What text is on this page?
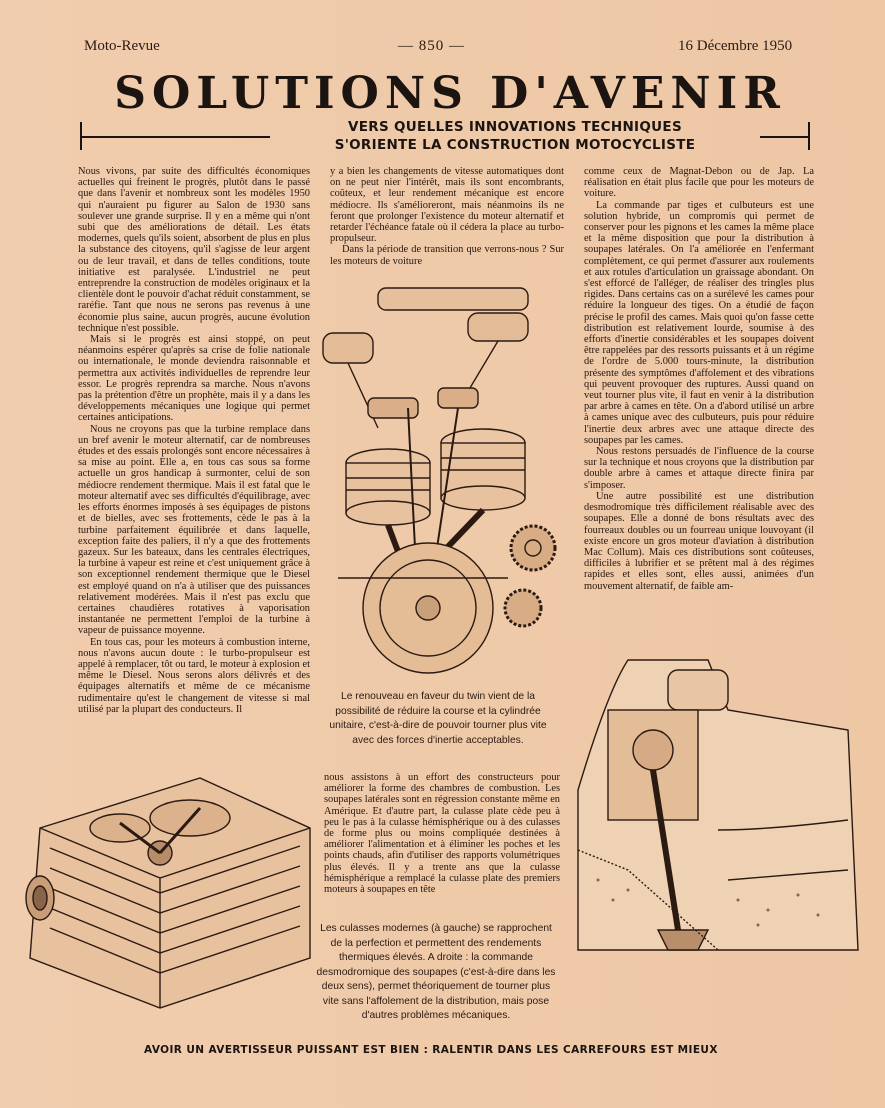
Moto-Revue	— 850 —	16 Décembre 1950
SOLUTIONS D'AVENIR
VERS QUELLES INNOVATIONS TECHNIQUES
S'ORIENTE LA CONSTRUCTION MOTOCYCLISTE

Nous vivons, par suite des difficultés économiques actuelles qui freinent le progrès, plutôt dans le passé que dans l'avenir et nombreux sont les modèles 1950 qui n'auraient pu figurer au Salon de 1930 sans soulever une grande surprise. Il y en a même qui n'ont subi que des améliorations de détail. Les états modernes, quels qu'ils soient, absorbent de plus en plus la substance des citoyens, qu'il s'agisse de leur argent ou de leur travail, et dans de telles conditions, toute initiative est paralysée. L'industriel ne peut entreprendre la construction de modèles originaux et la clientèle dont le pouvoir d'achat réduit constamment, se raréfie. Tant que nous ne serons pas revenus à une économie plus saine, aucun progrès, aucune évolution technique n'est possible.

Mais si le progrès est ainsi stoppé, on peut néanmoins espérer qu'après sa crise de folie nationale ou internationale, le monde deviendra raisonnable et permettra aux activités individuelles de reprendre leur essor. Le progrès reprendra sa marche. Nous n'avons pas la prétention d'être un prophète, mais il y a dans les développements mécaniques une logique qui permet certaines anticipations.

Nous ne croyons pas que la turbine remplace dans un bref avenir le moteur alternatif, car de nombreuses études et des essais prolongés sont encore nécessaires à sa mise au point. Elle a, en tous cas sous sa forme actuelle un gros handicap à surmonter, celui de son médiocre rendement thermique. Mais il est fatal que le moteur alternatif avec ses difficultés d'équilibrage, avec les efforts énormes imposés à ses équipages de pistons et de bielles, avec ses frottements, cède le pas à la turbine parfaitement équilibrée et dans laquelle, exception faite des paliers, il n'y a que des frottements gazeux. Sur les bateaux, dans les centrales électriques, la turbine à vapeur est reine et c'est uniquement grâce à son exceptionnel rendement thermique que le Diesel est employé quand on n'a à utiliser que des puissances relativement modérées. Mais il n'est pas exclu que certaines chaudières rotatives à vaporisation instantanée ne permettent l'emploi de la turbine à vapeur de puissance moyenne.

En tous cas, pour les moteurs à combustion interne, nous n'avons aucun doute : le turbo-propulseur est appelé à remplacer, tôt ou tard, le moteur à explosion et même le Diesel. Nous serons alors délivrés et des équipages alternatifs et même de ce mécanisme rudimentaire qu'est le changement de vitesse si mal utilisé par la plupart des conducteurs. Il

y a bien les changements de vitesse automatiques dont on ne peut nier l'intérêt, mais ils sont encombrants, coûteux, et leur rendement mécanique est encore médiocre. Ils s'amélioreront, mais néanmoins ils ne feront que prolonger l'existence du moteur alternatif et retarder l'échéance fatale où il cédera la place au turbo-propulseur.

Dans la période de transition que verrons-nous ? Sur les moteurs de voiture

Le renouveau en faveur du twin vient de la possibilité de réduire la course et la cylindrée unitaire, c'est-à-dire de pouvoir tourner plus vite avec des forces d'inertie acceptables.

nous assistons à un effort des constructeurs pour améliorer la forme des chambres de combustion. Les soupapes latérales sont en régression constante même en Amérique. Et d'autre part, la culasse plate cède peu à peu le pas à la culasse hémisphérique ou à des culasses de forme plus ou moins compliquée destinées à améliorer l'alimentation et à éliminer les poches et les points chauds, afin d'utiliser des rapports volumétriques plus élevés. Il y a trente ans que la culasse hémisphérique a remplacé la culasse plate des premiers moteurs à soupapes en tête

Les culasses modernes (à gauche) se rapprochent de la perfection et permettent des rendements thermiques élevés. A droite : la commande desmodromique des soupapes (c'est-à-dire dans les deux sens), permet théoriquement de tourner plus vite sans l'affolement de la distribution, mais pose d'autres problèmes mécaniques.

comme ceux de Magnat-Debon ou de Jap. La réalisation en était plus facile que pour les moteurs de voiture.

La commande par tiges et culbuteurs est une solution hybride, un compromis qui permet de conserver pour les pignons et les cames la même place et la même disposition que pour la distribution à soupapes latérales. On l'a améliorée en l'enfermant complètement, ce qui permet d'assurer aux roulements et aux rotules d'articulation un graissage abondant. On s'est efforcé de l'alléger, de réaliser des tringles plus rigides. Dans certains cas on a surélevé les cames pour réduire la longueur des tiges. On a étudié de façon précise le profil des cames. Mais quoi qu'on fasse cette distribution est relativement lourde, soumise à des efforts d'inertie considérables et les soupapes doivent être rappelées par des ressorts puissants et à un régime de l'ordre de 5.000 tours-minute, la distribution présente des symptômes d'affolement et des vibrations qui peuvent provoquer des ruptures. Aussi quand on veut tourner plus vite, il faut en venir à la distribution par arbre à cames en tête. On a d'abord utilisé un arbre à cames unique avec des culbuteurs, puis pour réduire l'inertie deux arbres avec une attaque directe des soupapes par les cames.

Nous restons persuadés de l'influence de la course sur la technique et nous croyons que la distribution par double arbre à cames et attaque directe finira par s'imposer.

Une autre possibilité est une distribution desmodromique très difficilement réalisable avec des soupapes. Elle a donné de bons résultats avec des fourreaux doubles ou un fourreau unique louvoyant (il existe encore un gros moteur d'aviation à distribution Mac Collum). Mais ces distributions sont coûteuses, difficiles à lubrifier et se prêtent mal à des régimes rapides et elles sont, elles aussi, animées d'un mouvement alternatif, de faible am-

AVOIR UN AVERTISSEUR PUISSANT EST BIEN : RALENTIR DANS LES CARREFOURS EST MIEUX
